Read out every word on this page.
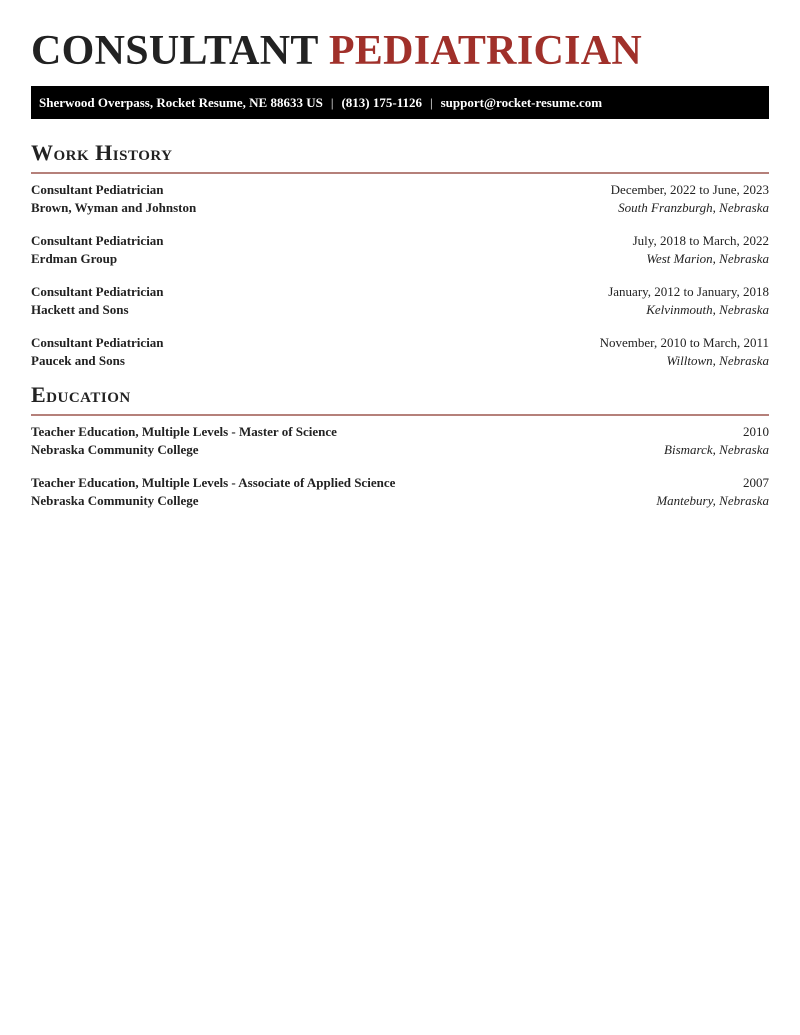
CONSULTANT PEDIATRICIAN
Sherwood Overpass, Rocket Resume, NE 88633 US | (813) 175-1126 | support@rocket-resume.com
Work History
Consultant Pediatrician	December, 2022 to June, 2023
Brown, Wyman and Johnston	South Franzburgh, Nebraska
Consultant Pediatrician	July, 2018 to March, 2022
Erdman Group	West Marion, Nebraska
Consultant Pediatrician	January, 2012 to January, 2018
Hackett and Sons	Kelvinmouth, Nebraska
Consultant Pediatrician	November, 2010 to March, 2011
Paucek and Sons	Willtown, Nebraska
Education
Teacher Education, Multiple Levels - Master of Science	2010
Nebraska Community College	Bismarck, Nebraska
Teacher Education, Multiple Levels - Associate of Applied Science	2007
Nebraska Community College	Mantebury, Nebraska
